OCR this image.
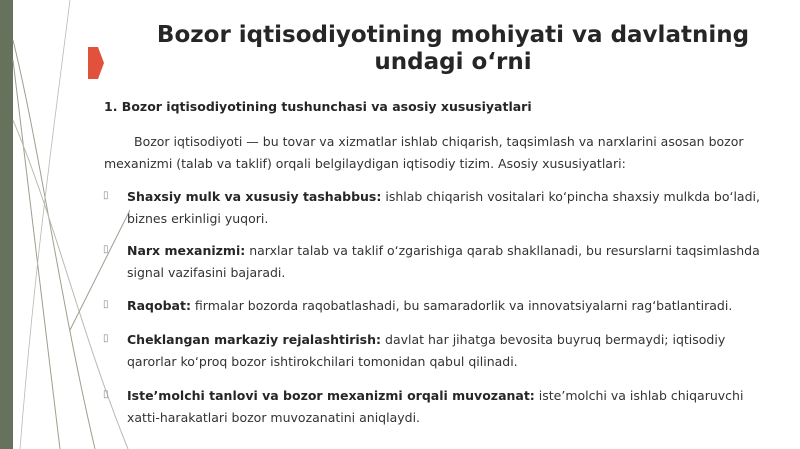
Bozor iqtisodiyotining mohiyati va davlatning undagi o‘rni
1. Bozor iqtisodiyotining tushunchasi va asosiy xususiyatlari
Bozor iqtisodiyoti — bu tovar va xizmatlar ishlab chiqarish, taqsimlash va narxlarini asosan bozor mexanizmi (talab va taklif) orqali belgilaydigan iqtisodiy tizim. Asosiy xususiyatlari:
▯	Shaxsiy mulk va xususiy tashabbus: ishlab chiqarish vositalari ko‘pincha shaxsiy mulkda bo‘ladi, biznes erkinligi yuqori.
▯	Narx mexanizmi: narxlar talab va taklif o‘zgarishiga qarab shakllanadi, bu resurslarni taqsimlashda signal vazifasini bajaradi.
▯	Raqobat: firmalar bozorda raqobatlashadi, bu samaradorlik va innovatsiyalarni rag‘batlantiradi.
▯	Cheklangan markaziy rejalashtirish: davlat har jihatga bevosita buyruq bermaydi; iqtisodiy qarorlar ko‘proq bozor ishtirokchilari tomonidan qabul qilinadi.
▯	Iste’molchi tanlovi va bozor mexanizmi orqali muvozanat: iste’molchi va ishlab chiqaruvchi xatti-harakatlari bozor muvozanatini aniqlaydi.
